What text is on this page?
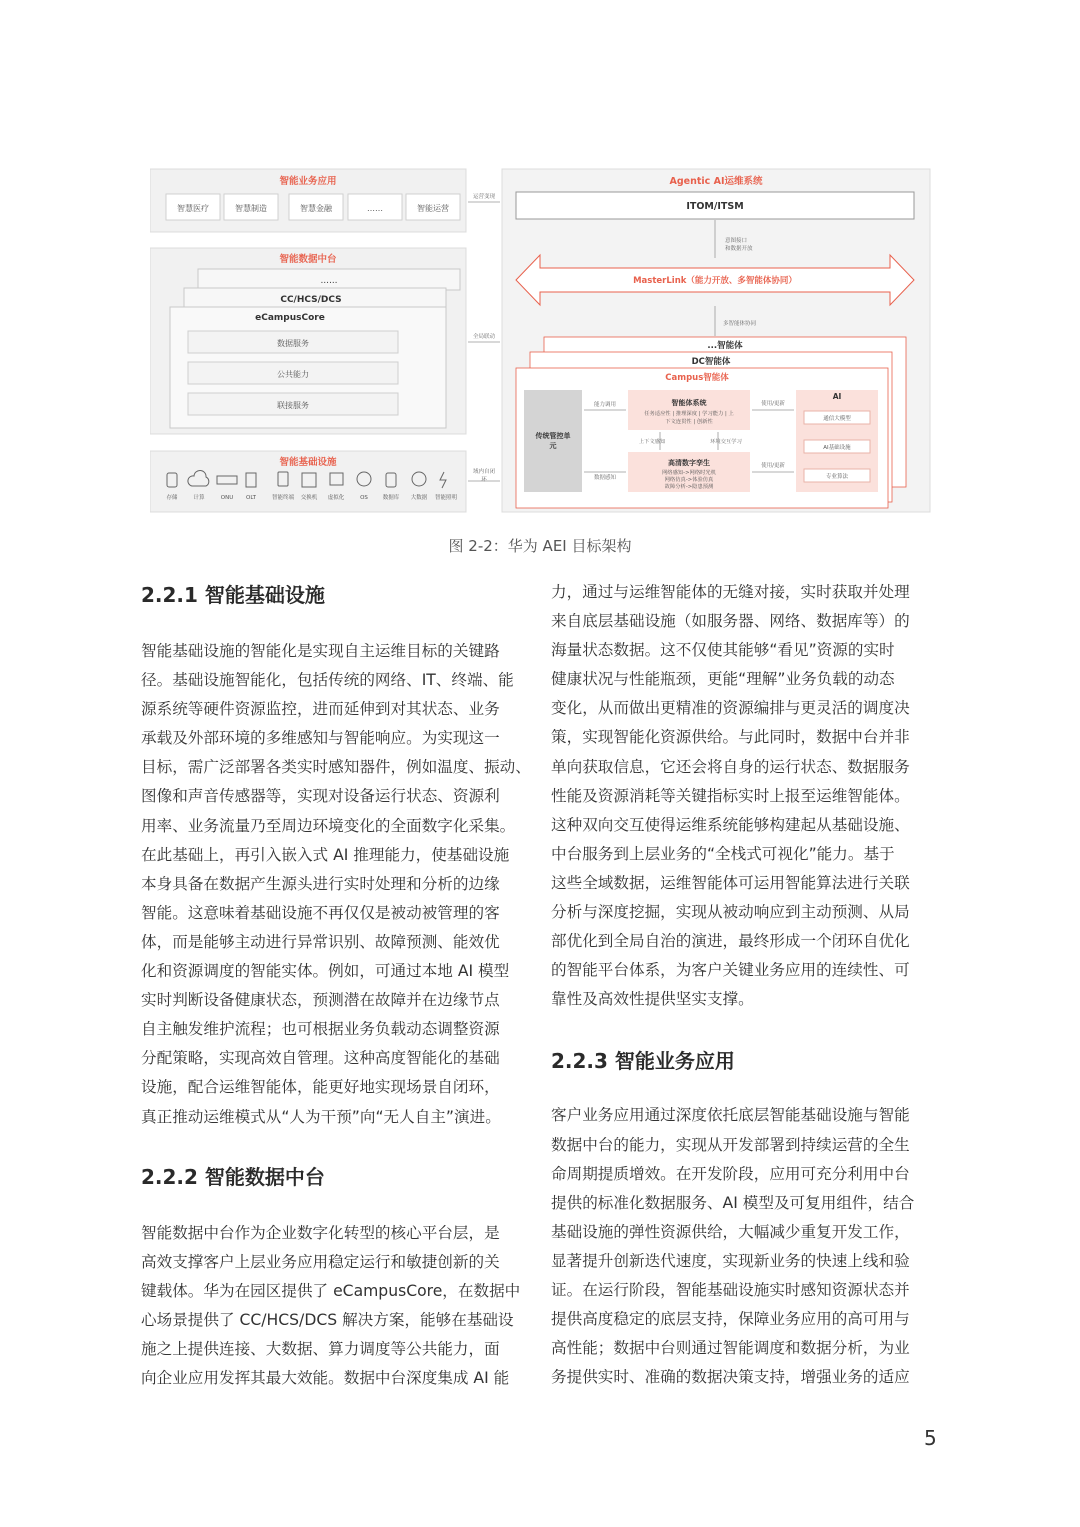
智能业务应用
智慧医疗	智慧制造	智慧金融	……	智能运营
智能数据中台
……
CC/HCS/DCS
eCampusCore
数据服务
公共能力
联接服务
智能基础设施
存储	计算	ONU OLT	智能终端 交换机 虚拟化	OS	数据库 大数据 智能照明
运营变现
全局联动
域内自闭
环
Agentic AI运维系统
ITOM/ITSM
意图接口
和数据开放
MasterLink（能力开放、多智能体协同）
多智能体协同
...智能体
DC智能体
Campus智能体
传统管控单
元
智能体系统
任务适应性 | 推理深度 | 学习能力 | 上
下文连贯性 | 创新性
高清数字孪生
网络感知->网络时光机
网络仿真->体验仿真
故障分析->隐患预测
能力调用
数据感知
上下文感知	环境交互学习
使用/更新
使用/更新
AI
通信大模型
AI基础设施
专业算法
图 2-2：华为 AEI 目标架构
2.2.1 智能基础设施

智能基础设施的智能化是实现自主运维目标的关键路

径。基础设施智能化，包括传统的网络、IT、终端、能

源系统等硬件资源监控，进而延伸到对其状态、业务

承载及外部环境的多维感知与智能响应。为实现这一

目标，需广泛部署各类实时感知器件，例如温度、振动、

图像和声音传感器等，实现对设备运行状态、资源利

用率、业务流量乃至周边环境变化的全面数字化采集。

在此基础上，再引入嵌入式 AI 推理能力，使基础设施

本身具备在数据产生源头进行实时处理和分析的边缘

智能。这意味着基础设施不再仅仅是被动被管理的客

体，而是能够主动进行异常识别、故障预测、能效优

化和资源调度的智能实体。例如，可通过本地 AI 模型

实时判断设备健康状态，预测潜在故障并在边缘节点

自主触发维护流程；也可根据业务负载动态调整资源

分配策略，实现高效自管理。这种高度智能化的基础

设施，配合运维智能体，能更好地实现场景自闭环，

真正推动运维模式从“人为干预”向“无人自主”演进。

2.2.2 智能数据中台

智能数据中台作为企业数字化转型的核心平台层，是

高效支撑客户上层业务应用稳定运行和敏捷创新的关

键载体。华为在园区提供了 eCampusCore，在数据中

心场景提供了 CC/HCS/DCS 解决方案，能够在基础设

施之上提供连接、大数据、算力调度等公共能力，面

向企业应用发挥其最大效能。数据中台深度集成 AI 能

力，通过与运维智能体的无缝对接，实时获取并处理

来自底层基础设施（如服务器、网络、数据库等）的

海量状态数据。这不仅使其能够“看见”资源的实时

健康状况与性能瓶颈，更能“理解”业务负载的动态

变化，从而做出更精准的资源编排与更灵活的调度决

策，实现智能化资源供给。与此同时，数据中台并非

单向获取信息，它还会将自身的运行状态、数据服务

性能及资源消耗等关键指标实时上报至运维智能体。

这种双向交互使得运维系统能够构建起从基础设施、

中台服务到上层业务的“全栈式可视化”能力。基于

这些全域数据，运维智能体可运用智能算法进行关联

分析与深度挖掘，实现从被动响应到主动预测、从局

部优化到全局自治的演进，最终形成一个闭环自优化

的智能平台体系，为客户关键业务应用的连续性、可

靠性及高效性提供坚实支撑。

2.2.3 智能业务应用

客户业务应用通过深度依托底层智能基础设施与智能

数据中台的能力，实现从开发部署到持续运营的全生

命周期提质增效。在开发阶段，应用可充分利用中台

提供的标准化数据服务、AI 模型及可复用组件，结合

基础设施的弹性资源供给，大幅减少重复开发工作，

显著提升创新迭代速度，实现新业务的快速上线和验

证。在运行阶段，智能基础设施实时感知资源状态并

提供高度稳定的底层支持，保障业务应用的高可用与

高性能；数据中台则通过智能调度和数据分析，为业

务提供实时、准确的数据决策支持，增强业务的适应

5
